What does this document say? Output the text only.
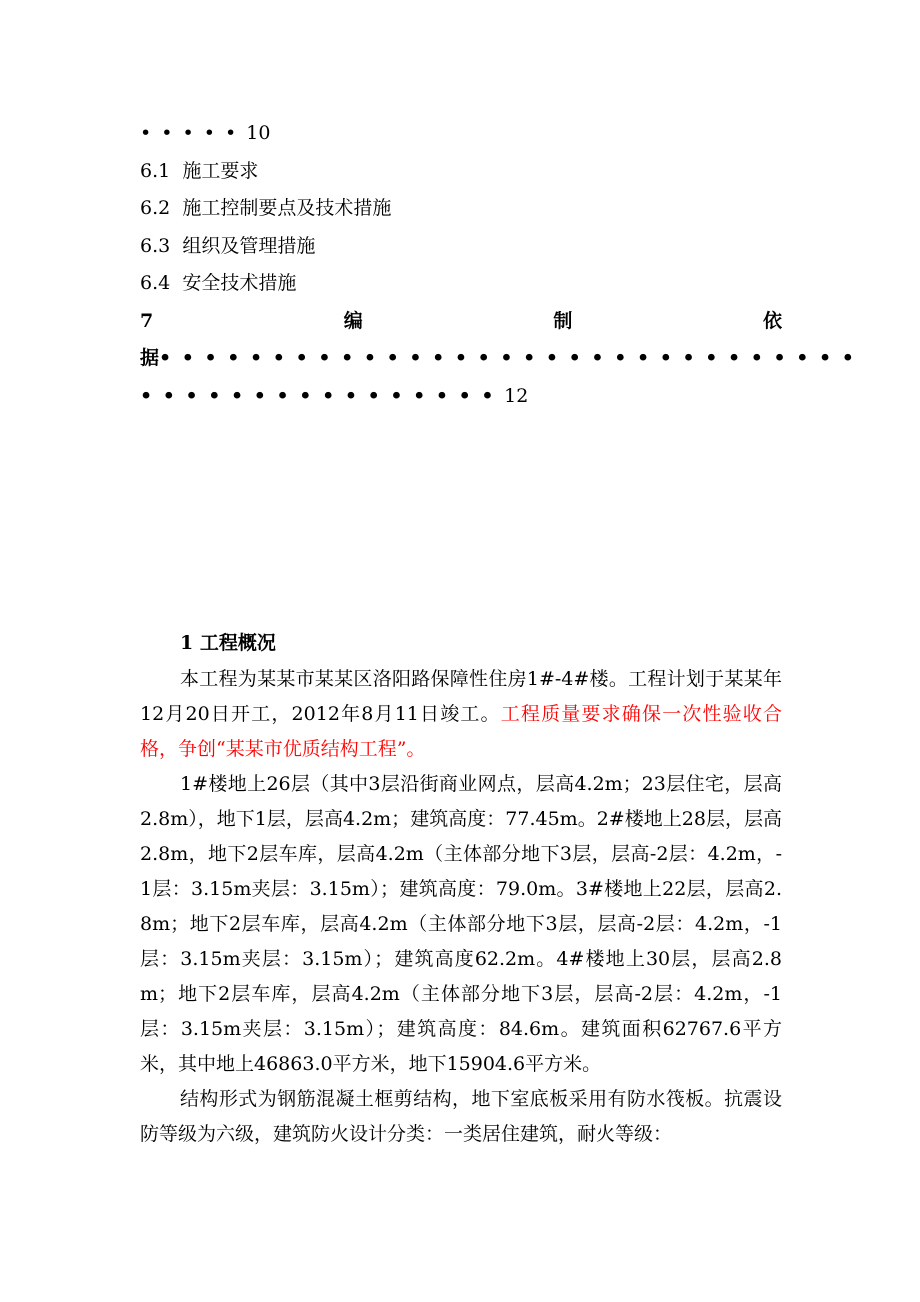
• • • • • 10
6.1 施工要求
6.2 施工控制要点及技术措施
6.3 组织及管理措施
6.4 安全技术措施
7	编	制	依
据• • • • • • • • • • • • • • • • • • • • • • • • • • • • • • •
• • • • • • • • • • • • • • • • 12
1 工程概况

本工程为某某市某某区洛阳路保障性住房1#-4#楼。工程计划于某某年12月20日开工，2012年8月11日竣工。工程质量要求确保一次性验收合格，争创“某某市优质结构工程”。

1#楼地上26层（其中3层沿街商业网点，层高4.2m；23层住宅，层高2.8m），地下1层，层高4.2m；建筑高度：77.45m。2#楼地上28层，层高2.8m，地下2层车库，层高4.2m（主体部分地下3层，层高-2层：4.2m，-1层：3.15m夹层：3.15m）；建筑高度：79.0m。3#楼地上22层，层高2.8m；地下2层车库，层高4.2m（主体部分地下3层，层高-2层：4.2m，-1层：3.15m夹层：3.15m）；建筑高度62.2m。4#楼地上30层，层高2.8m；地下2层车库，层高4.2m（主体部分地下3层，层高-2层：4.2m，-1层：3.15m夹层：3.15m）；建筑高度：84.6m。建筑面积62767.6平方米，其中地上46863.0平方米，地下15904.6平方米。

结构形式为钢筋混凝土框剪结构，地下室底板采用有防水筏板。抗震设防等级为六级，建筑防火设计分类：一类居住建筑，耐火等级：
